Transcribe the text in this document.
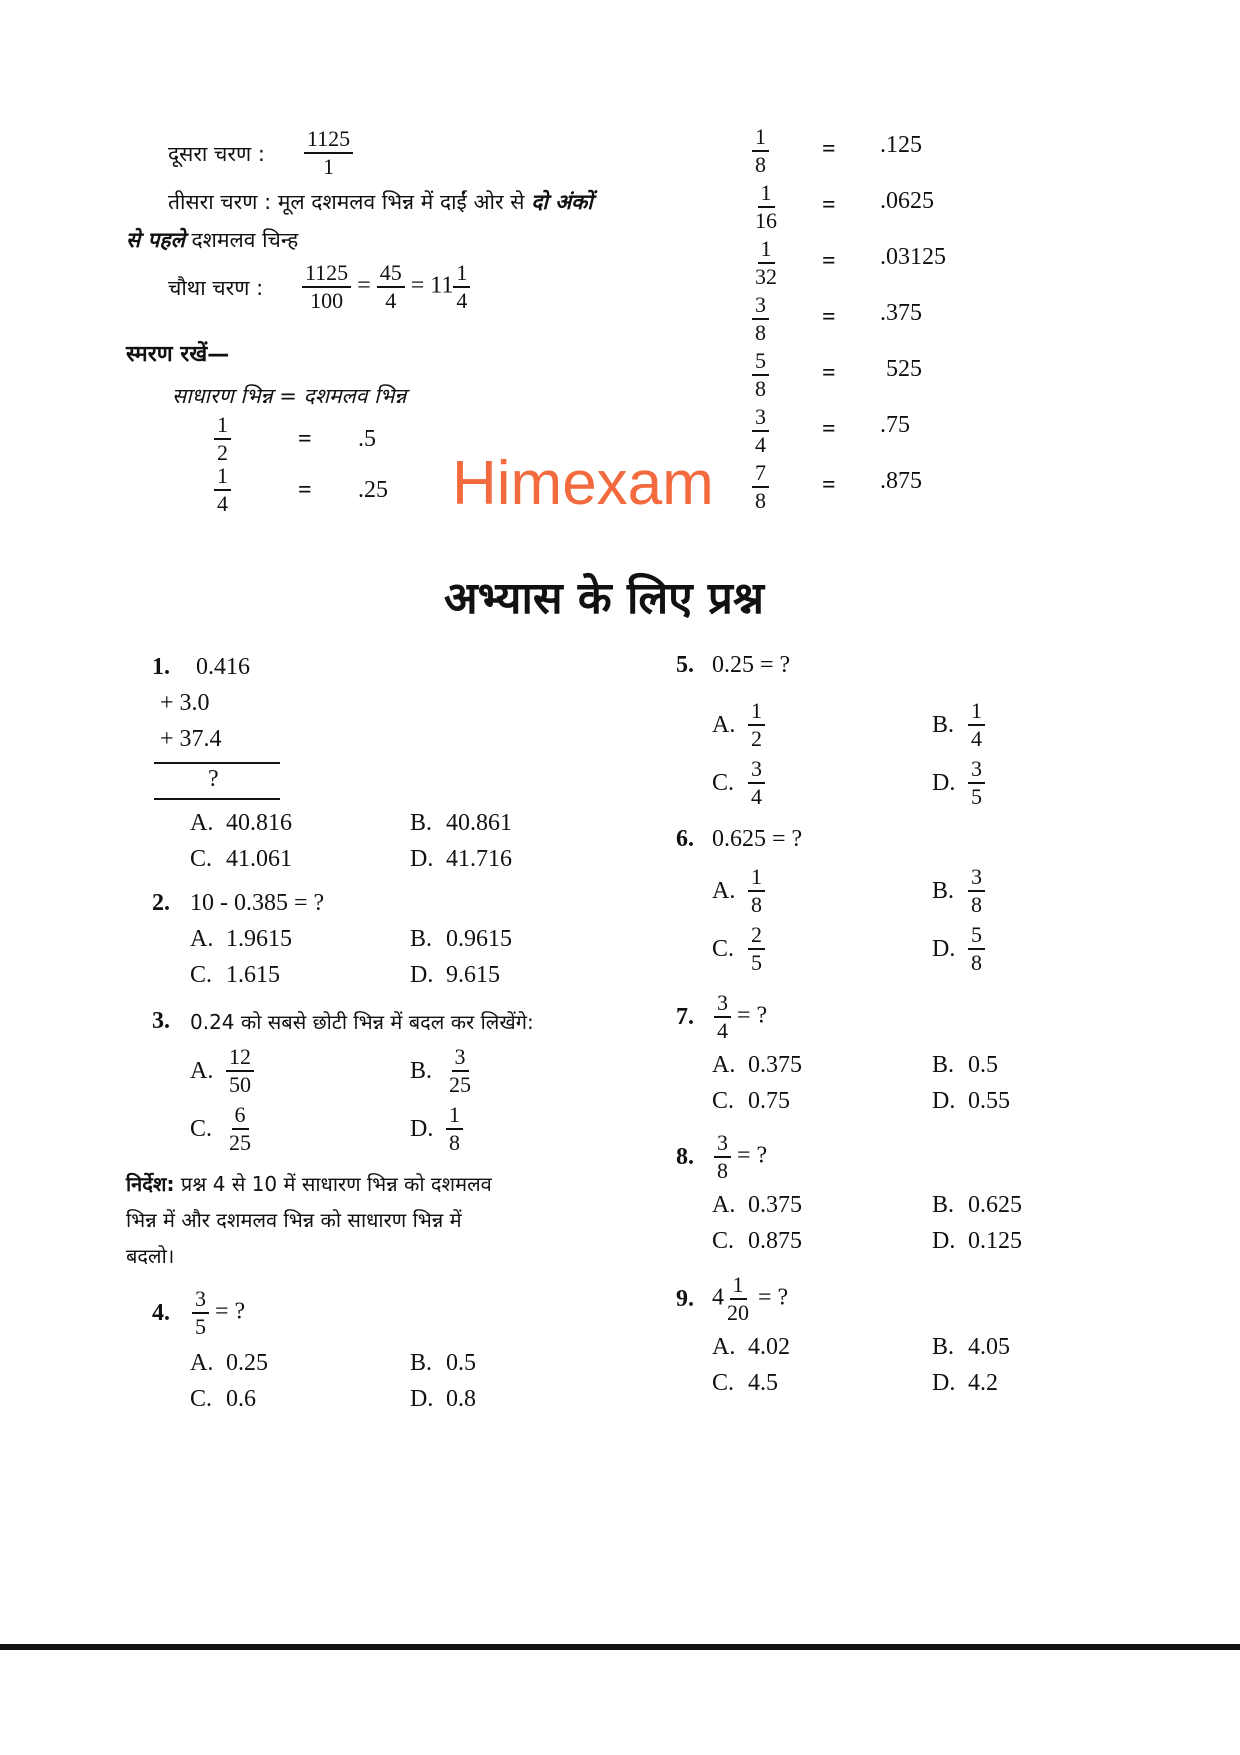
दूसरा चरण : $\frac{1125}{1}$
तीसरा चरण : मूल दशमलव भिन्न में दाईं ओर से दो अंकों
से पहले दशमलव चिन्ह
चौथा चरण : $\frac{1125}{100} = \frac{45}{4} = 11 \frac{1}{4}$
स्मरण रखें—
साधारण भिन्न = दशमलव भिन्न
$\frac{1}{2}$	= .5
$\frac{1}{4}$	= .25 Himexam
$\frac{1}{8} = .125$
$\frac{1}{16} = .0625$
$\frac{1}{32} = .03125$
$\frac{3}{8} = .375$
$\frac{5}{8} = 525$
$\frac{3}{4} = .75$
$\frac{7}{8} = .875$
अभ्यास के लिए प्रश्न
1. 0.416
+ 3.0
+ 37.4
?
A. 40.816	B. 40.861
C. 41.061	D. 41.716
2. 10 - 0.385 = ?
A. 1.9615	B. 0.9615
C. 1.615	D. 9.615
3. 0.24 को सबसे छोटी भिन्न में बदल कर लिखेंगे:
A. $\frac{12}{50}$	B. $\frac{3}{25}$
C. $\frac{6}{25}$	D. $\frac{1}{8}$
निर्देश: प्रश्न 4 से 10 में साधारण भिन्न को दशमलव
भिन्न में और दशमलव भिन्न को साधारण भिन्न में
बदलो।
4. $\frac{3}{5}$ = ?
A. 0.25	B. 0.5
C. 0.6	D. 0.8
5. 0.25 = ?
A. $\frac{1}{2}$	B. $\frac{1}{4}$
C. $\frac{3}{4}$	D. $\frac{3}{5}$
6. 0.625 = ?
A. $\frac{1}{8}$	B. $\frac{3}{8}$
C. $\frac{2}{5}$	D. $\frac{5}{8}$
7. $\frac{3}{4}$ = ?
A. 0.375	B. 0.5
C. 0.75	D. 0.55
8. $\frac{3}{8}$ = ?
A. 0.375	B. 0.625
C. 0.875	D. 0.125
9. $4 \frac{1}{20}$ = ?
A. 4.02	B. 4.05
C. 4.5	D. 4.2
